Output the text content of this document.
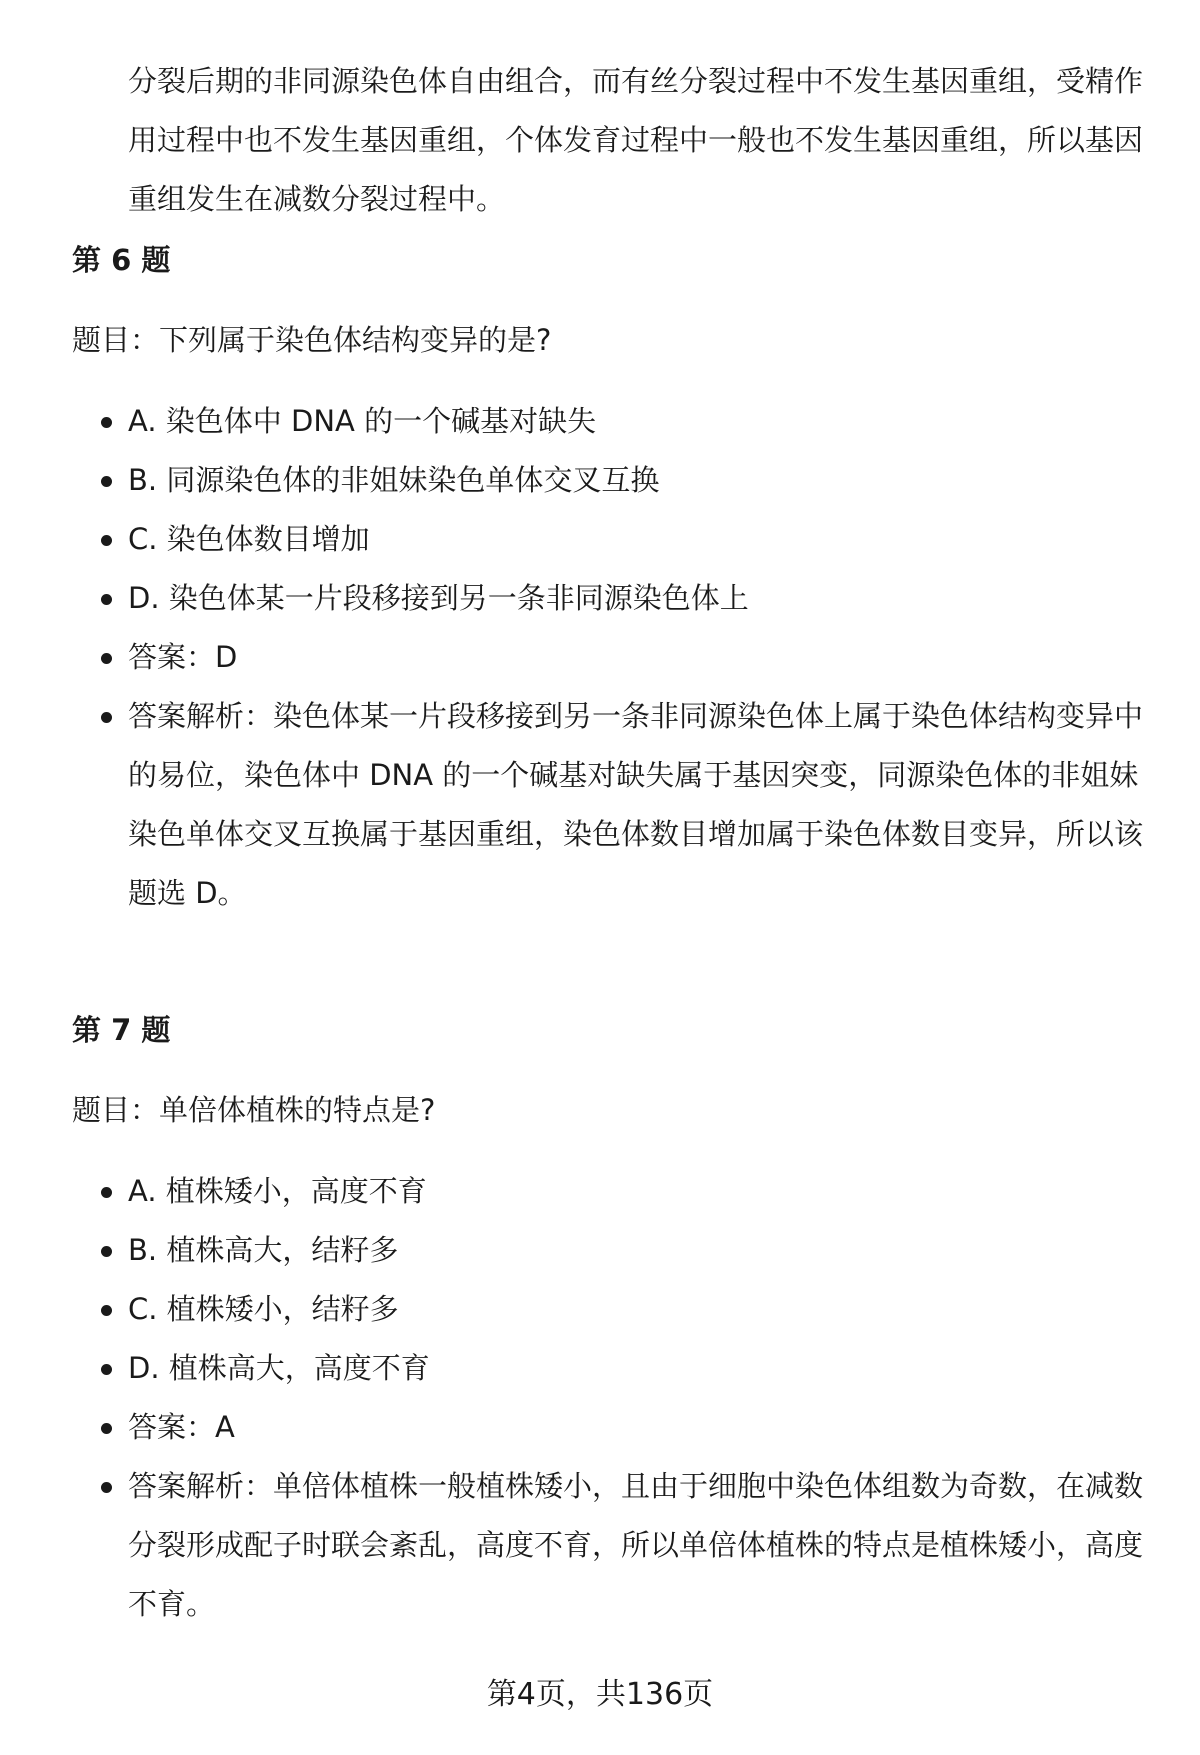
分裂后期的非同源染色体自由组合，而有丝分裂过程中不发生基因重组，受精作用过程中也不发生基因重组，个体发育过程中一般也不发生基因重组，所以基因重组发生在减数分裂过程中。
第 6 题
题目：下列属于染色体结构变异的是?
A. 染色体中 DNA 的一个碱基对缺失
B. 同源染色体的非姐妹染色单体交叉互换
C. 染色体数目增加
D. 染色体某一片段移接到另一条非同源染色体上
答案：D
答案解析：染色体某一片段移接到另一条非同源染色体上属于染色体结构变异中的易位，染色体中 DNA 的一个碱基对缺失属于基因突变，同源染色体的非姐妹染色单体交叉互换属于基因重组，染色体数目增加属于染色体数目变异，所以该题选 D。
第 7 题
题目：单倍体植株的特点是?
A. 植株矮小，高度不育
B. 植株高大，结籽多
C. 植株矮小，结籽多
D. 植株高大，高度不育
答案：A
答案解析：单倍体植株一般植株矮小，且由于细胞中染色体组数为奇数，在减数分裂形成配子时联会紊乱，高度不育，所以单倍体植株的特点是植株矮小，高度不育。
第4页，共136页
